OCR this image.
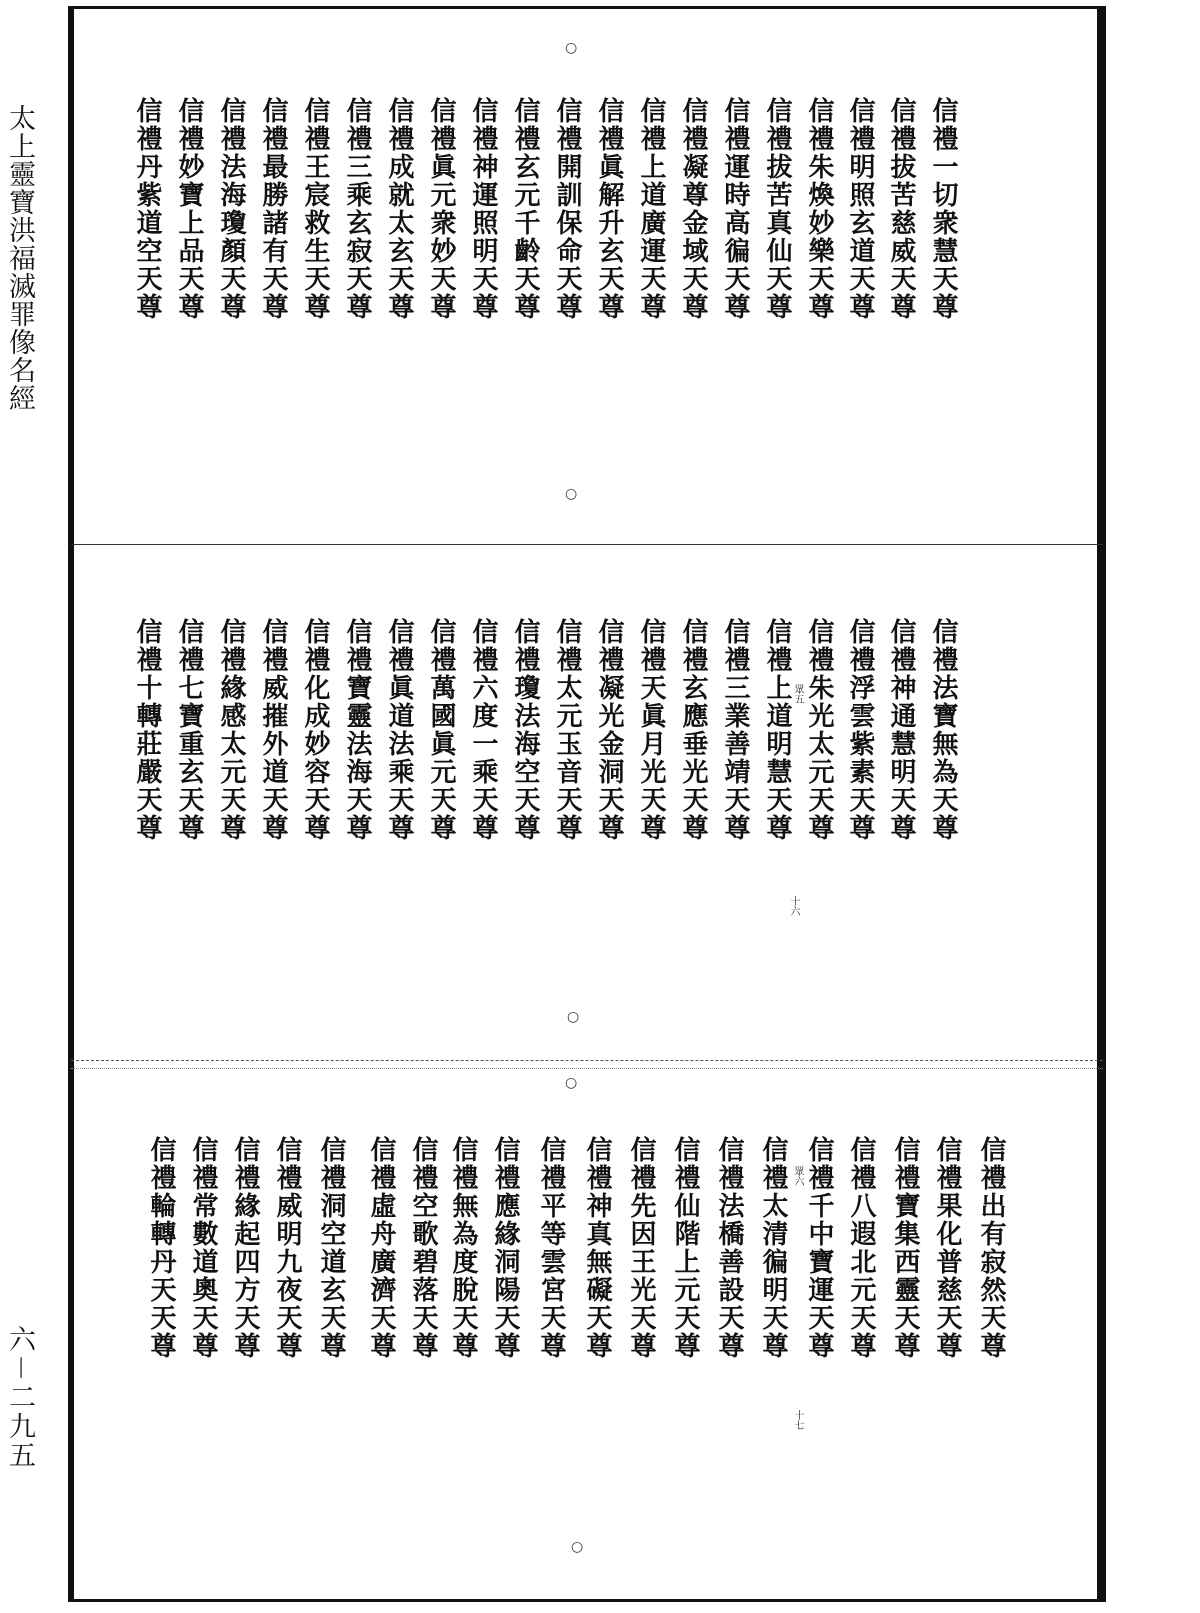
太上靈寶洪福滅罪像名經
六－二九五
○
○
信禮一切衆慧天尊
信禮拔苦慈威天尊
信禮明照玄道天尊
信禮朱煥妙樂天尊
信禮拔苦真仙天尊
信禮運時高徧天尊
信禮凝尊金域天尊
信禮上道廣運天尊
信禮眞解升玄天尊
信禮開訓保命天尊
信禮玄元千齡天尊
信禮神運照明天尊
信禮眞元衆妙天尊
信禮成就太玄天尊
信禮三乘玄寂天尊
信禮王宸救生天尊
信禮最勝諸有天尊
信禮法海瓊顏天尊
信禮妙寶上品天尊
信禮丹紫道空天尊
信禮法寶無為天尊
信禮神通慧明天尊
信禮浮雲紫素天尊
信禮朱光太元天尊
信禮上道明慧天尊 眾五
信禮三業善靖天尊
信禮玄應垂光天尊
信禮天眞月光天尊
信禮凝光金洞天尊
信禮太元玉音天尊
信禮瓊法海空天尊
信禮六度一乘天尊
信禮萬國眞元天尊
信禮眞道法乘天尊
信禮寶靈法海天尊
信禮化成妙容天尊
信禮威摧外道天尊
信禮緣感太元天尊
信禮七寶重玄天尊
信禮十轉莊嚴天尊
十六
○
○
信禮出有寂然天尊
信禮果化普慈天尊
信禮寶集西靈天尊
信禮八遐北元天尊
信禮千中寶運天尊
眾六
信禮太清徧明天尊
信禮法橋善設天尊
信禮仙階上元天尊
信禮先因王光天尊
信禮神真無礙天尊
信禮平等雲宮天尊
信禮應緣洞陽天尊
信禮無為度脫天尊
信禮空歌碧落天尊
信禮虛舟廣濟天尊
信禮洞空道玄天尊
信禮威明九夜天尊
信禮緣起四方天尊
信禮常數道奧天尊
信禮輪轉丹天天尊
十七
○
